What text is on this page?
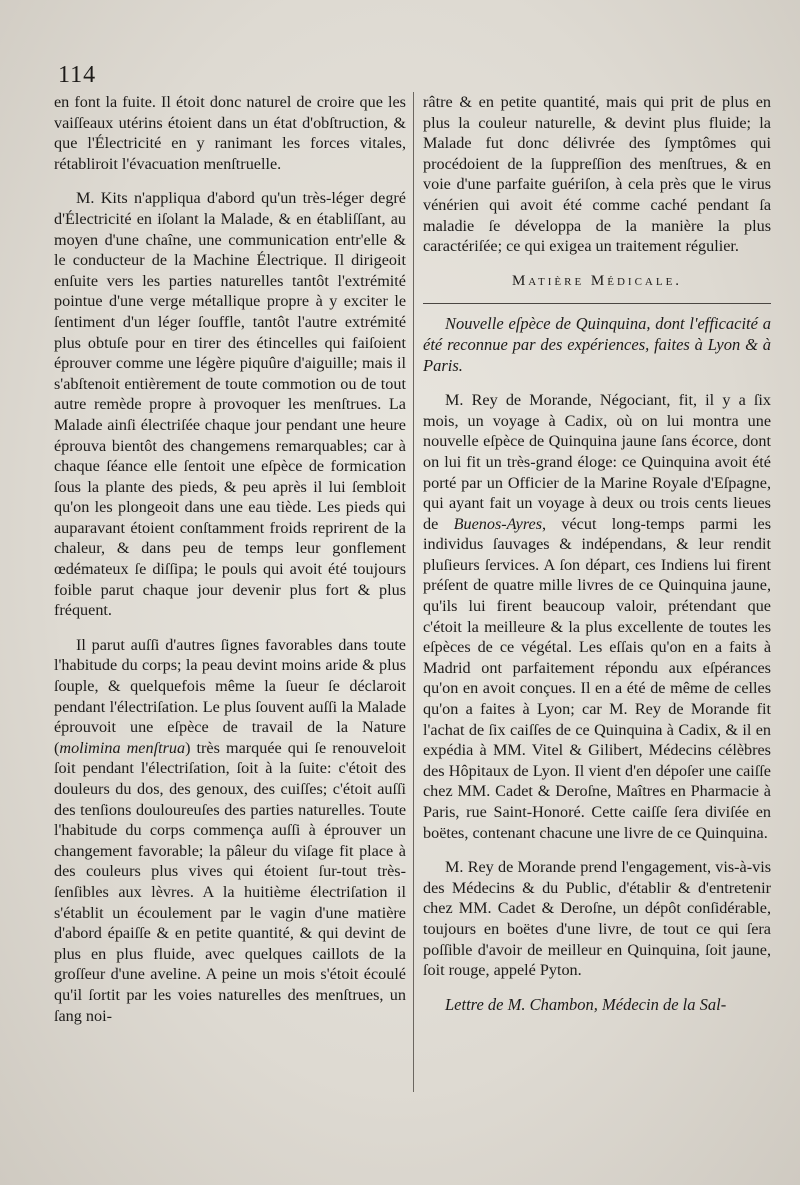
114

en font la fuite. Il étoit donc naturel de croire que les vaiſſeaux utérins étoient dans un état d'obſtruction, & que l'Électricité en y ranimant les forces vitales, rétabliroit l'évacuation menſtruelle.

M. Kits n'appliqua d'abord qu'un très-léger degré d'Électricité en iſolant la Malade, & en établiſſant, au moyen d'une chaîne, une communication entr'elle & le conducteur de la Machine Électrique. Il dirigeoit enſuite vers les parties naturelles tantôt l'extrémité pointue d'une verge métallique propre à y exciter le ſentiment d'un léger ſouffle, tantôt l'autre extrémité plus obtuſe pour en tirer des étincelles qui faiſoient éprouver comme une légère piquûre d'aiguille; mais il s'abſtenoit entièrement de toute commotion ou de tout autre remède propre à provoquer les menſtrues. La Malade ainſi électriſée chaque jour pendant une heure éprouva bientôt des changemens remarquables; car à chaque ſéance elle ſentoit une eſpèce de formication ſous la plante des pieds, & peu après il lui ſembloit qu'on les plongeoit dans une eau tiède. Les pieds qui auparavant étoient conſtamment froids reprirent de la chaleur, & dans peu de temps leur gonflement œdémateux ſe diſſipa; le pouls qui avoit été toujours foible parut chaque jour devenir plus fort & plus fréquent.

Il parut auſſi d'autres ſignes favorables dans toute l'habitude du corps; la peau devint moins aride & plus ſouple, & quelquefois même la ſueur ſe déclaroit pendant l'électriſation. Le plus ſouvent auſſi la Malade éprouvoit une eſpèce de travail de la Nature (molimina menſtrua) très marquée qui ſe renouveloit ſoit pendant l'électriſation, ſoit à la ſuite: c'étoit des douleurs du dos, des genoux, des cuiſſes; c'étoit auſſi des tenſions douloureuſes des parties naturelles. Toute l'habitude du corps commença auſſi à éprouver un changement favorable; la pâleur du viſage fit place à des couleurs plus vives qui étoient ſur-tout très-ſenſibles aux lèvres. A la huitième électriſation il s'établit un écoulement par le vagin d'une matière d'abord épaiſſe & en petite quantité, & qui devint de plus en plus fluide, avec quelques caillots de la groſſeur d'une aveline. A peine un mois s'étoit écoulé qu'il ſortit par les voies naturelles des menſtrues, un ſang noi-

râtre & en petite quantité, mais qui prit de plus en plus la couleur naturelle, & devint plus fluide; la Malade fut donc délivrée des ſymptômes qui procédoient de la ſuppreſſion des menſtrues, & en voie d'une parfaite guériſon, à cela près que le virus vénérien qui avoit été comme caché pendant ſa maladie ſe développa de la manière la plus caractériſée; ce qui exigea un traitement régulier.

Matière Médicale.

Nouvelle eſpèce de Quinquina, dont l'efficacité a été reconnue par des expériences, faites à Lyon & à Paris.

M. Rey de Morande, Négociant, fit, il y a ſix mois, un voyage à Cadix, où on lui montra une nouvelle eſpèce de Quinquina jaune ſans écorce, dont on lui fit un très-grand éloge: ce Quinquina avoit été porté par un Officier de la Marine Royale d'Eſpagne, qui ayant fait un voyage à deux ou trois cents lieues de Buenos-Ayres, vécut long-temps parmi les individus ſauvages & indépendans, & leur rendit pluſieurs ſervices. A ſon départ, ces Indiens lui firent préſent de quatre mille livres de ce Quinquina jaune, qu'ils lui firent beaucoup valoir, prétendant que c'étoit la meilleure & la plus excellente de toutes les eſpèces de ce végétal. Les eſſais qu'on en a faits à Madrid ont parfaitement répondu aux eſpérances qu'on en avoit conçues. Il en a été de même de celles qu'on a faites à Lyon; car M. Rey de Morande fit l'achat de ſix caiſſes de ce Quinquina à Cadix, & il en expédia à MM. Vitel & Gilibert, Médecins célèbres des Hôpitaux de Lyon. Il vient d'en dépoſer une caiſſe chez MM. Cadet & Deroſne, Maîtres en Pharmacie à Paris, rue Saint-Honoré. Cette caiſſe ſera diviſée en boëtes, contenant chacune une livre de ce Quinquina.

M. Rey de Morande prend l'engagement, vis-à-vis des Médecins & du Public, d'établir & d'entretenir chez MM. Cadet & Deroſne, un dépôt conſidérable, toujours en boëtes d'une livre, de tout ce qui ſera poſſible d'avoir de meilleur en Quinquina, ſoit jaune, ſoit rouge, appelé Pyton.

Lettre de M. Chambon, Médecin de la Sal-
